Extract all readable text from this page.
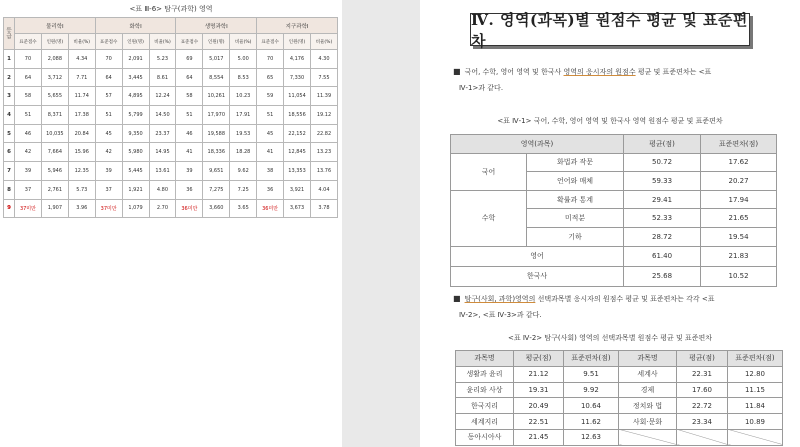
<표 Ⅲ-6> 탐구(과학) 영역
등급	물리학Ⅰ			화학Ⅰ			생명과학Ⅰ			지구과학Ⅰ		
	표준점수	인원(명)	비율(%)	표준점수	인원(명)	비율(%)	표준점수	인원(명)	비율(%)	표준점수	인원(명)	비율(%)
1	70	2,088	4.34	70	2,091	5.23	69	5,017	5.00	70	4,176	4.30
2	64	3,712	7.71	64	3,445	8.61	64	8,554	8.53	65	7,330	7.55
3	58	5,655	11.74	57	4,895	12.24	58	10,261	10.23	59	11,054	11.39
4	51	8,371	17.38	51	5,799	14.50	51	17,970	17.91	51	18,556	19.12
5	46	10,035	20.84	45	9,350	23.37	46	19,588	19.53	45	22,152	22.82
6	42	7,664	15.96	42	5,980	14.95	41	18,336	18.28	41	12,845	13.23
7	39	5,946	12.35	39	5,445	13.61	39	9,651	9.62	38	13,353	13.76
8	37	2,761	5.73	37	1,921	4.80	36	7,275	7.25	36	3,921	4.04
9	37미만	1,907	3.96	37미만	1,079	2.70	36미만	3,660	3.65	36미만	3,673	3.78
Ⅳ. 영역(과목)별 원점수 평균 및 표준편차
■ 국어, 수학, 영어 영역 및 한국사 영역의 응시자의 원점수 평균 및 표준편차는 <표
Ⅳ-1>과 같다.
<표 Ⅳ-1> 국어, 수학, 영어 영역 및 한국사 영역 원점수 평균 및 표준편차
영역(과목)		평균(점)	표준편차(점)
국어	화법과 작문	50.72	17.62
	언어와 매체	59.33	20.27
수학	확률과 통계	29.41	17.94
	미적분	52.33	21.65
	기하	28.72	19.54
영어		61.40	21.83
한국사		25.68	10.52
■ 탐구(사회, 과학)영역의 선택과목별 응시자의 원점수 평균 및 표준편차는 각각 <표
Ⅳ-2>, <표 Ⅳ-3>과 같다.
<표 Ⅳ-2> 탐구(사회) 영역의 선택과목별 원점수 평균 및 표준편차
과목명	평균(점)	표준편차(점)	과목명	평균(점)	표준편차(점)
생활과 윤리	21.12	9.51	세계사	22.31	12.80
윤리와 사상	19.31	9.92	경제	17.60	11.15
한국지리	20.49	10.64	정치와 법	22.72	11.84
세계지리	22.51	11.62	사회·문화	23.34	10.89
동아시아사	21.45	12.63			
